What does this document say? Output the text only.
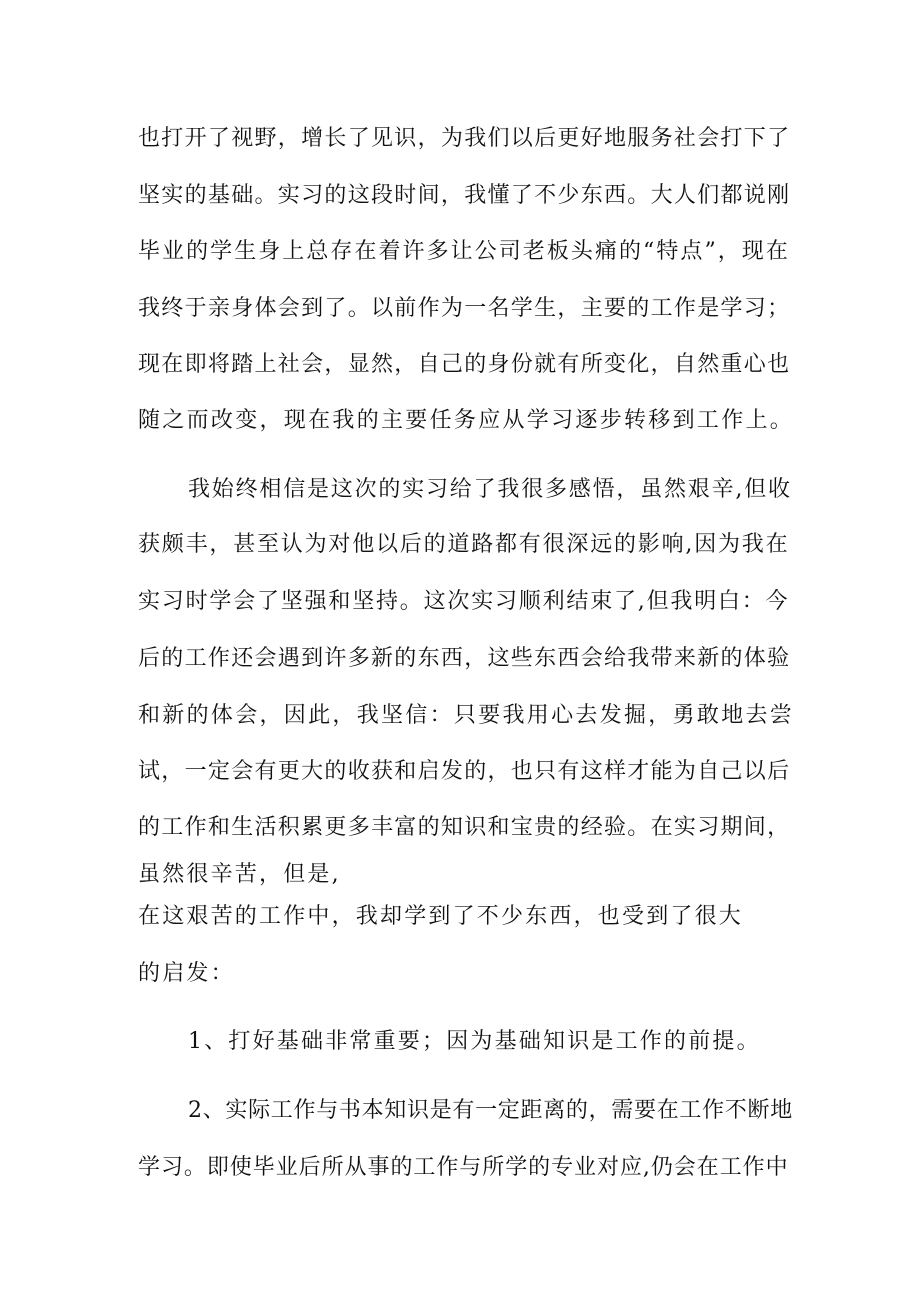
也打开了视野，增长了见识，为我们以后更好地服务社会打下了
坚实的基础。实习的这段时间，我懂了不少东西。大人们都说刚
毕业的学生身上总存在着许多让公司老板头痛的“特点”，现在
我终于亲身体会到了。以前作为一名学生，主要的工作是学习；
现在即将踏上社会，显然，自己的身份就有所变化，自然重心也
随之而改变，现在我的主要任务应从学习逐步转移到工作上。
我始终相信是这次的实习给了我很多感悟，虽然艰辛,但收
获颇丰，甚至认为对他以后的道路都有很深远的影响,因为我在
实习时学会了坚强和坚持。这次实习顺利结束了,但我明白：今
后的工作还会遇到许多新的东西，这些东西会给我带来新的体验
和新的体会，因此，我坚信：只要我用心去发掘，勇敢地去尝
试，一定会有更大的收获和启发的，也只有这样才能为自己以后
的工作和生活积累更多丰富的知识和宝贵的经验。在实习期间，
虽然很辛苦，但是,
在这艰苦的工作中，我却学到了不少东西，也受到了很大
的启发：
1、打好基础非常重要；因为基础知识是工作的前提。
2、实际工作与书本知识是有一定距离的，需要在工作不断地
学习。即使毕业后所从事的工作与所学的专业对应,仍会在工作中
